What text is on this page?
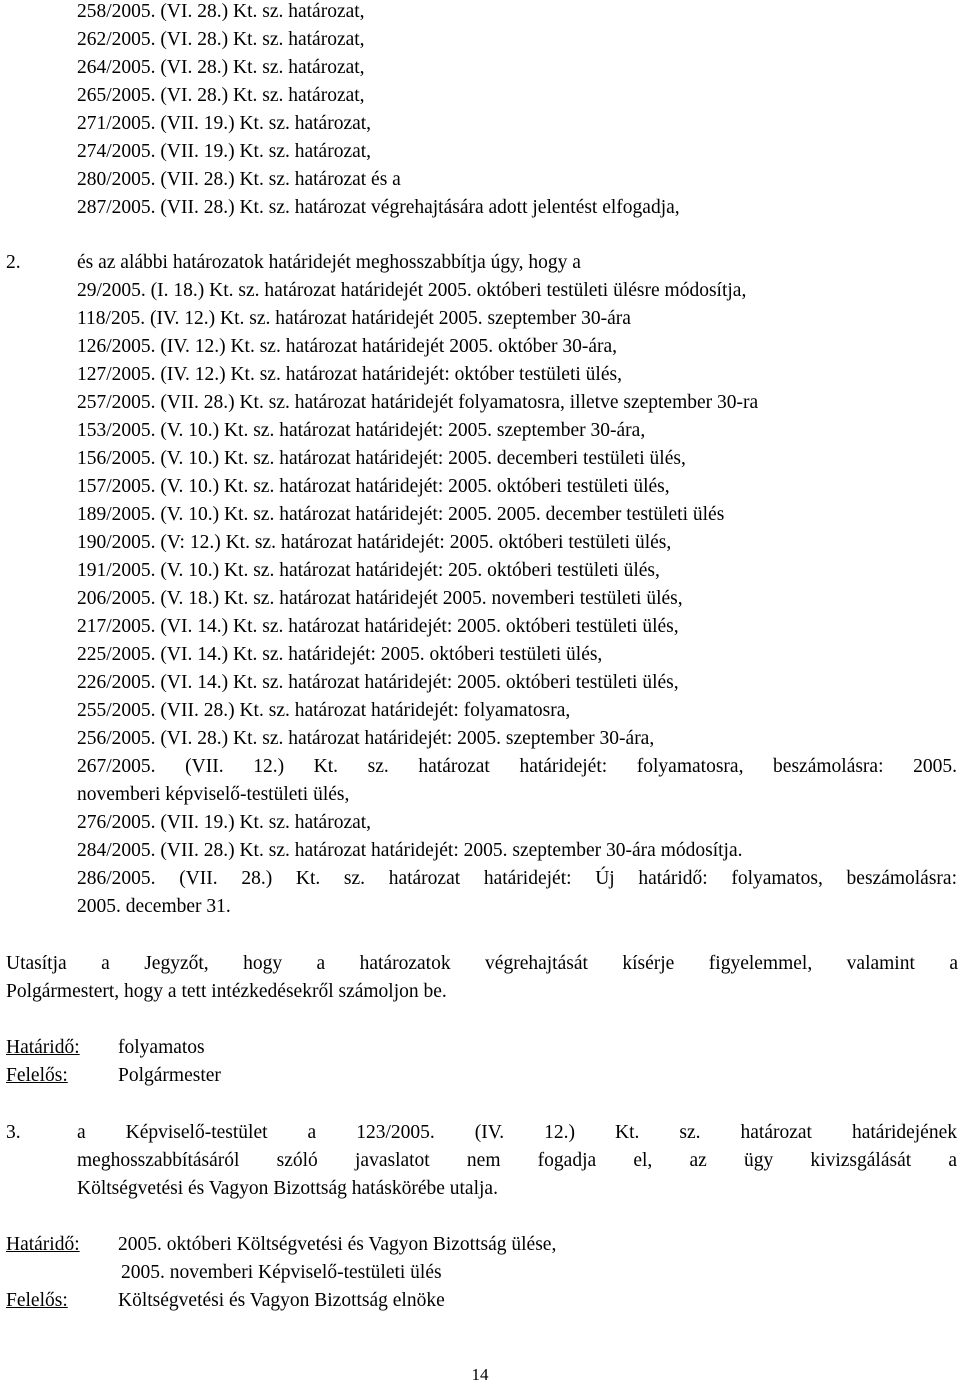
258/2005. (VI. 28.) Kt. sz. határozat,
262/2005. (VI. 28.) Kt. sz. határozat,
264/2005. (VI. 28.) Kt. sz. határozat,
265/2005. (VI. 28.) Kt. sz. határozat,
271/2005. (VII. 19.) Kt. sz. határozat,
274/2005. (VII. 19.) Kt. sz. határozat,
280/2005. (VII. 28.) Kt. sz. határozat és a
287/2005. (VII. 28.) Kt. sz. határozat végrehajtására adott jelentést elfogadja,
2.	és az alábbi határozatok határidejét meghosszabbítja úgy, hogy a
29/2005. (I. 18.) Kt. sz. határozat határidejét 2005. októberi testületi ülésre módosítja,
118/205. (IV. 12.) Kt. sz. határozat határidejét 2005. szeptember 30-ára
126/2005. (IV. 12.) Kt. sz. határozat határidejét 2005. október 30-ára,
127/2005. (IV. 12.) Kt. sz. határozat határidejét: október testületi ülés,
257/2005. (VII. 28.) Kt. sz. határozat határidejét folyamatosra, illetve szeptember 30-ra
153/2005. (V. 10.) Kt. sz. határozat határidejét: 2005. szeptember 30-ára,
156/2005. (V. 10.) Kt. sz. határozat határidejét: 2005. decemberi testületi ülés,
157/2005. (V. 10.) Kt. sz. határozat határidejét: 2005. októberi testületi ülés,
189/2005. (V. 10.) Kt. sz. határozat határidejét: 2005. 2005. december testületi ülés
190/2005. (V: 12.) Kt. sz. határozat határidejét: 2005. októberi testületi ülés,
191/2005. (V. 10.) Kt. sz. határozat határidejét: 205. októberi testületi ülés,
206/2005. (V. 18.) Kt. sz. határozat határidejét 2005. novemberi testületi ülés,
217/2005. (VI. 14.) Kt. sz. határozat határidejét: 2005. októberi testületi ülés,
225/2005. (VI. 14.) Kt. sz. határidejét: 2005. októberi testületi ülés,
226/2005. (VI. 14.) Kt. sz. határozat határidejét: 2005. októberi testületi ülés,
255/2005. (VII. 28.) Kt. sz. határozat határidejét: folyamatosra,
256/2005. (VI. 28.) Kt. sz. határozat határidejét: 2005. szeptember 30-ára,
267/2005. (VII. 12.) Kt. sz. határozat határidejét: folyamatosra, beszámolásra: 2005.
novemberi képviselő-testületi ülés,
276/2005. (VII. 19.) Kt. sz. határozat,
284/2005. (VII. 28.) Kt. sz. határozat határidejét: 2005. szeptember 30-ára módosítja.
286/2005. (VII. 28.) Kt. sz. határozat határidejét: Új határidő: folyamatos, beszámolásra:
2005. december 31.
Utasítja a Jegyzőt, hogy a határozatok végrehajtását kísérje figyelemmel, valamint a
Polgármestert, hogy a tett intézkedésekről számoljon be.
Határidő: folyamatos
Felelős:	Polgármester
3.	a Képviselő-testület a 123/2005. (IV. 12.) Kt. sz. határozat határidejének
meghosszabbításáról szóló javaslatot nem fogadja el, az ügy kivizsgálását a
Költségvetési és Vagyon Bizottság hatáskörébe utalja.
Határidő: 2005. októberi Költségvetési és Vagyon Bizottság ülése,
2005. novemberi Képviselő-testületi ülés
Felelős:	Költségvetési és Vagyon Bizottság elnöke
14
